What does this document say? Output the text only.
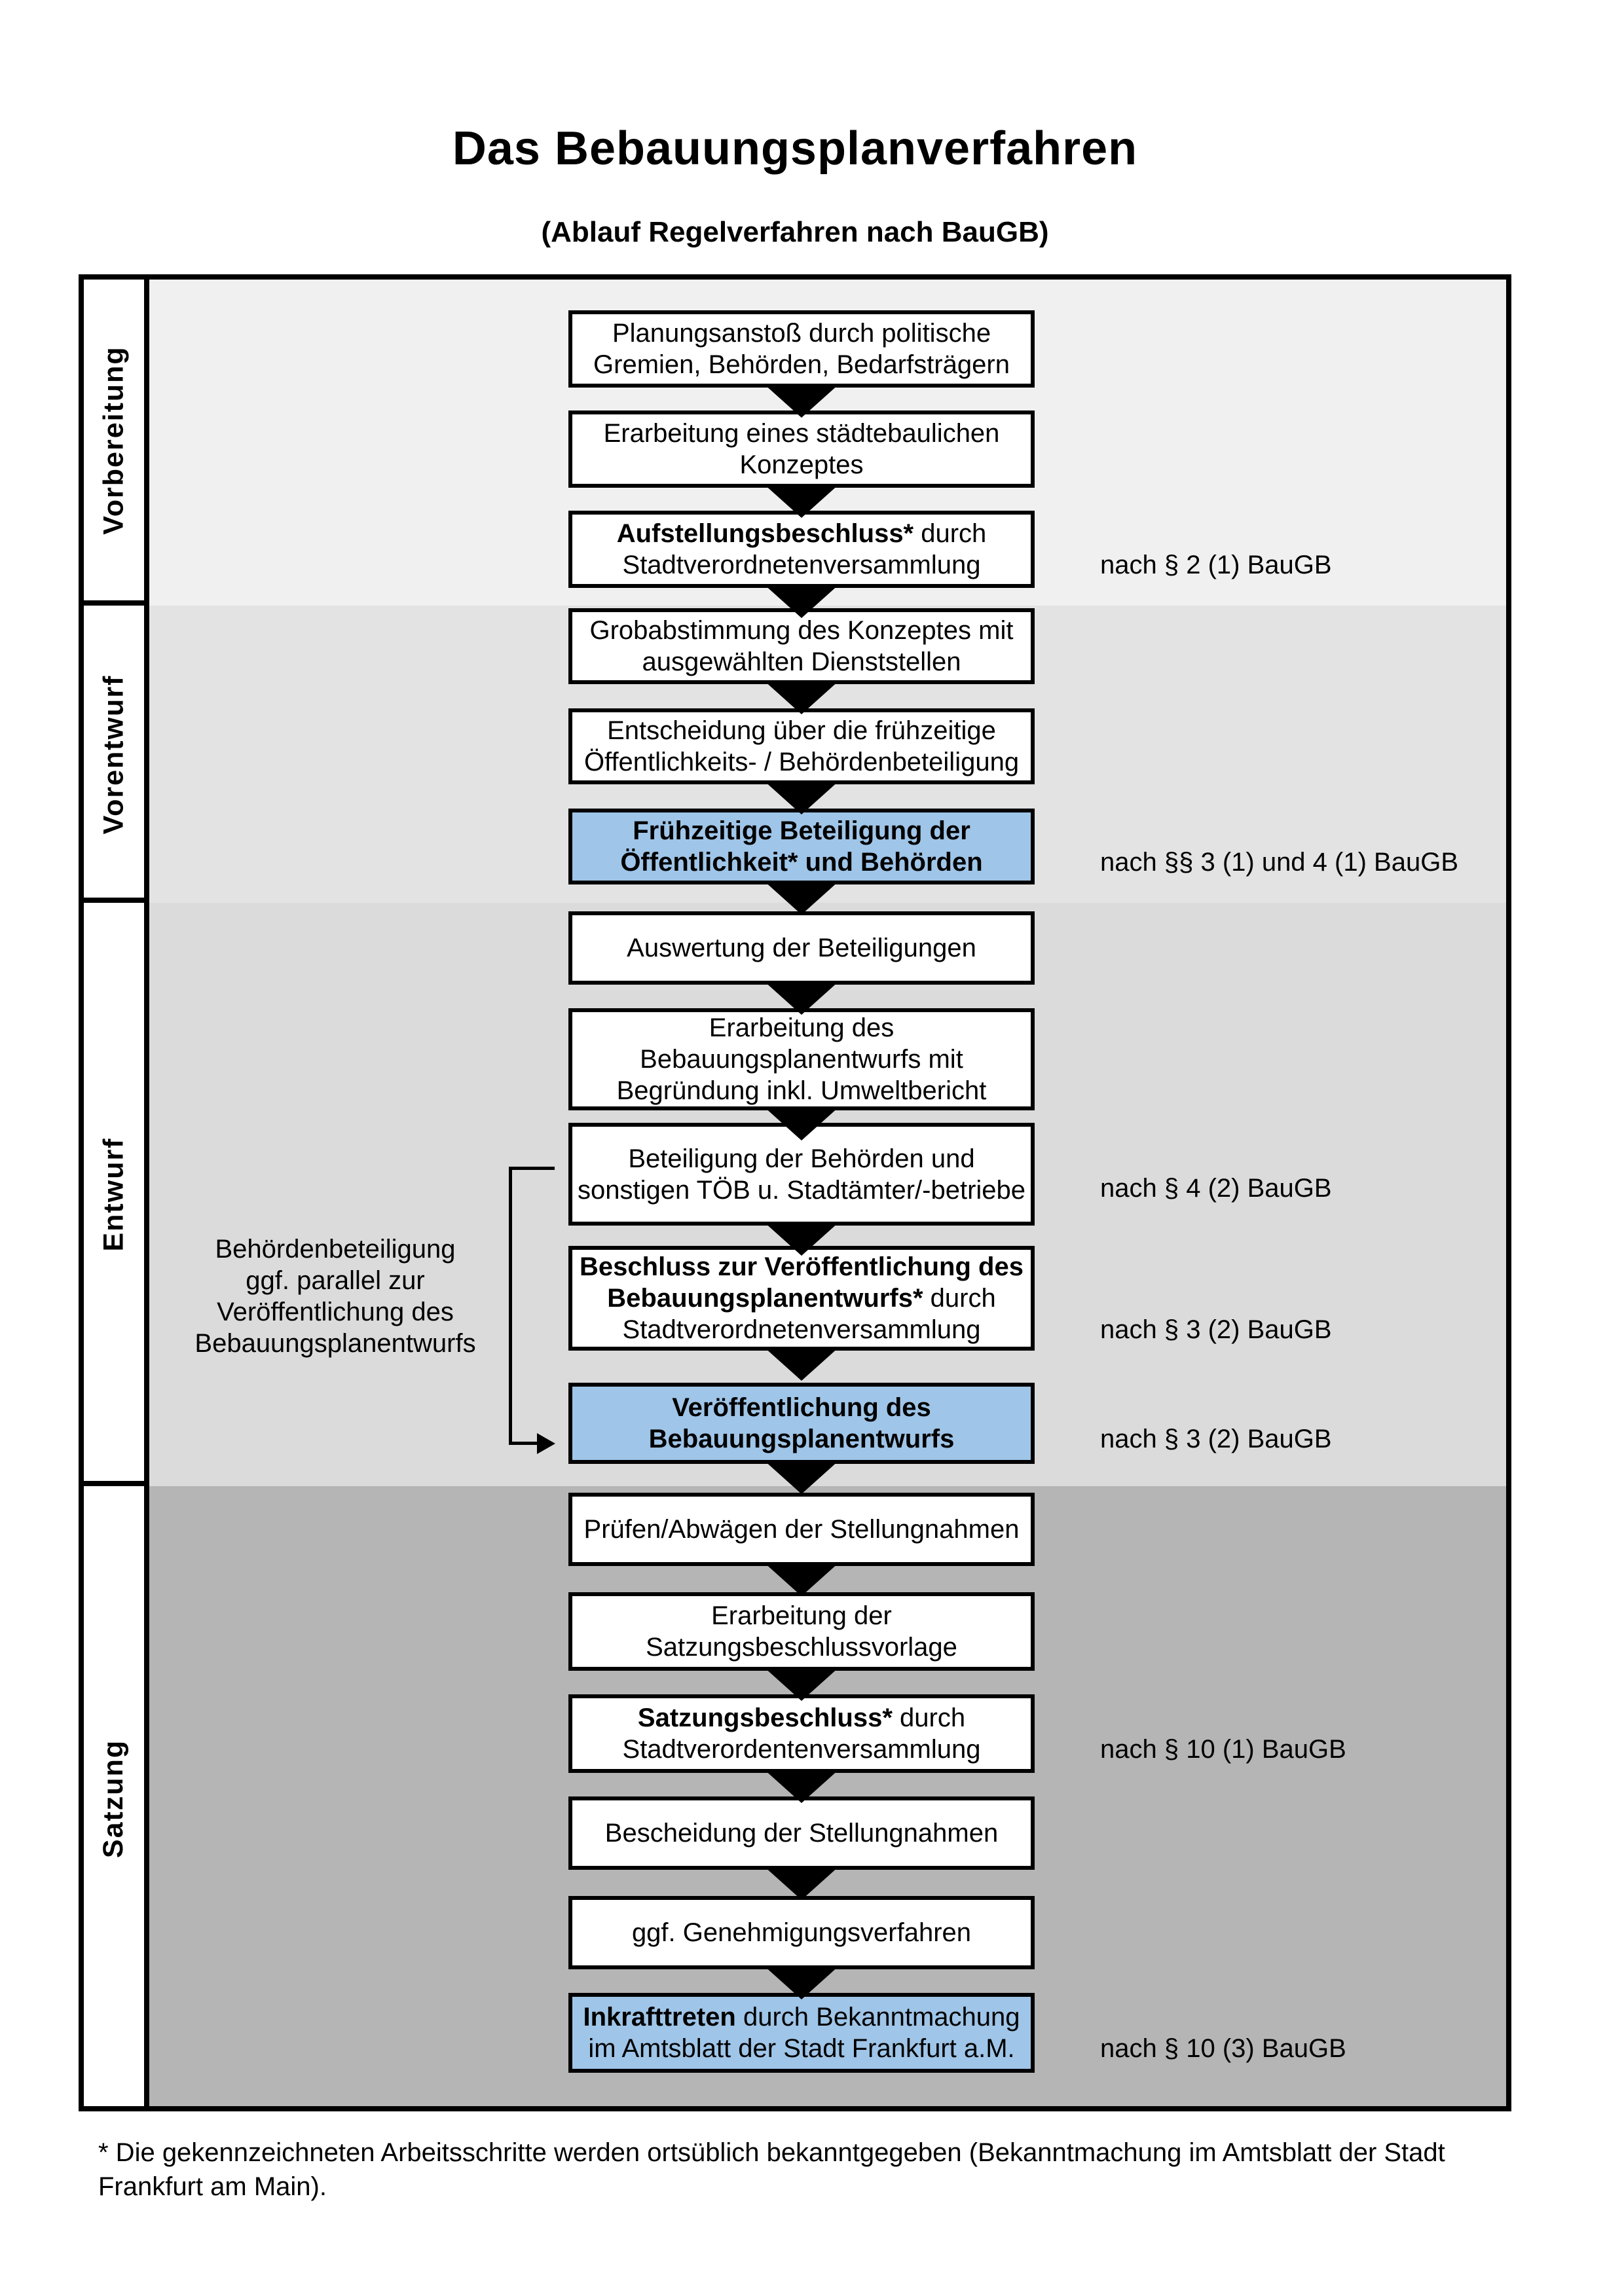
Das Bebauungsplanverfahren
(Ablauf Regelverfahren nach BauGB)
Vorbereitung
Vorentwurf
Entwurf
Satzung
Planungsanstoß durch politische
Gremien, Behörden, Bedarfsträgern
Erarbeitung eines städtebaulichen
Konzeptes
Aufstellungsbeschluss* durch
Stadtverordnetenversammlung
Grobabstimmung des Konzeptes mit
ausgewählten Dienststellen
Entscheidung über die frühzeitige
Öffentlichkeits- / Behördenbeteiligung
Frühzeitige Beteiligung der
Öffentlichkeit* und Behörden
Auswertung der Beteiligungen
Erarbeitung des
Bebauungsplanentwurfs mit
Begründung inkl. Umweltbericht
Beteiligung der Behörden und
sonstigen TÖB u. Stadtämter/-betriebe
Beschluss zur Veröffentlichung des
Bebauungsplanentwurfs* durch
Stadtverordnetenversammlung
Veröffentlichung des
Bebauungsplanentwurfs
Prüfen/Abwägen der Stellungnahmen
Erarbeitung der
Satzungsbeschlussvorlage
Satzungsbeschluss* durch
Stadtverordentenversammlung
Bescheidung der Stellungnahmen
ggf. Genehmigungsverfahren
Inkrafttreten durch Bekanntmachung
im Amtsblatt der Stadt Frankfurt a.M.
nach § 2 (1) BauGB
nach §§ 3 (1) und 4 (1) BauGB
nach § 4 (2) BauGB
nach § 3 (2) BauGB
nach § 3 (2) BauGB
nach § 10 (1) BauGB
nach § 10 (3) BauGB
Behördenbeteiligung
ggf. parallel zur
Veröffentlichung des
Bebauungsplanentwurfs
* Die gekennzeichneten Arbeitsschritte werden ortsüblich bekanntgegeben (Bekanntmachung im Amtsblatt der Stadt
Frankfurt am Main).
